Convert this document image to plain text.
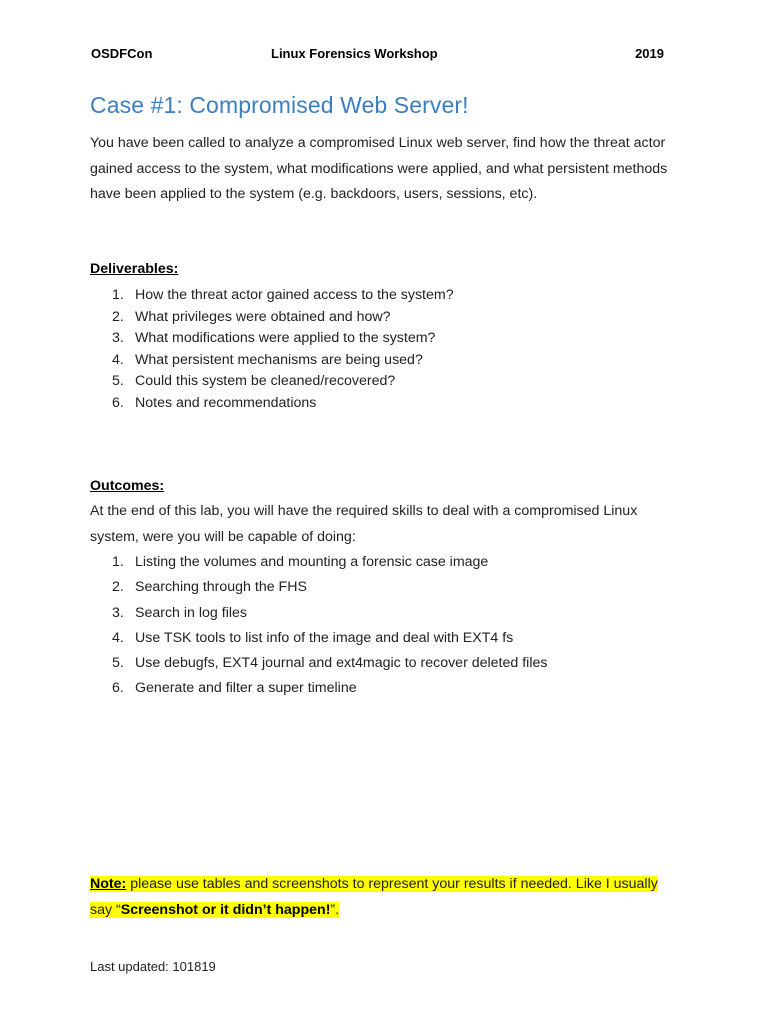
OSDFCon	Linux Forensics Workshop	2019
Case #1: Compromised Web Server!

You have been called to analyze a compromised Linux web server, find how the threat actor gained access to the system, what modifications were applied, and what persistent methods have been applied to the system (e.g. backdoors, users, sessions, etc).

Deliverables:
1. How the threat actor gained access to the system?
2. What privileges were obtained and how?
3. What modifications were applied to the system?
4. What persistent mechanisms are being used?
5. Could this system be cleaned/recovered?
6. Notes and recommendations
Outcomes:

At the end of this lab, you will have the required skills to deal with a compromised Linux system, were you will be capable of doing:

1. Listing the volumes and mounting a forensic case image
2. Searching through the FHS
3. Search in log files
4. Use TSK tools to list info of the image and deal with EXT4 fs
5. Use debugfs, EXT4 journal and ext4magic to recover deleted files
6. Generate and filter a super timeline

Note: please use tables and screenshots to represent your results if needed. Like I usually say “Screenshot or it didn’t happen!”.

Last updated: 101819
